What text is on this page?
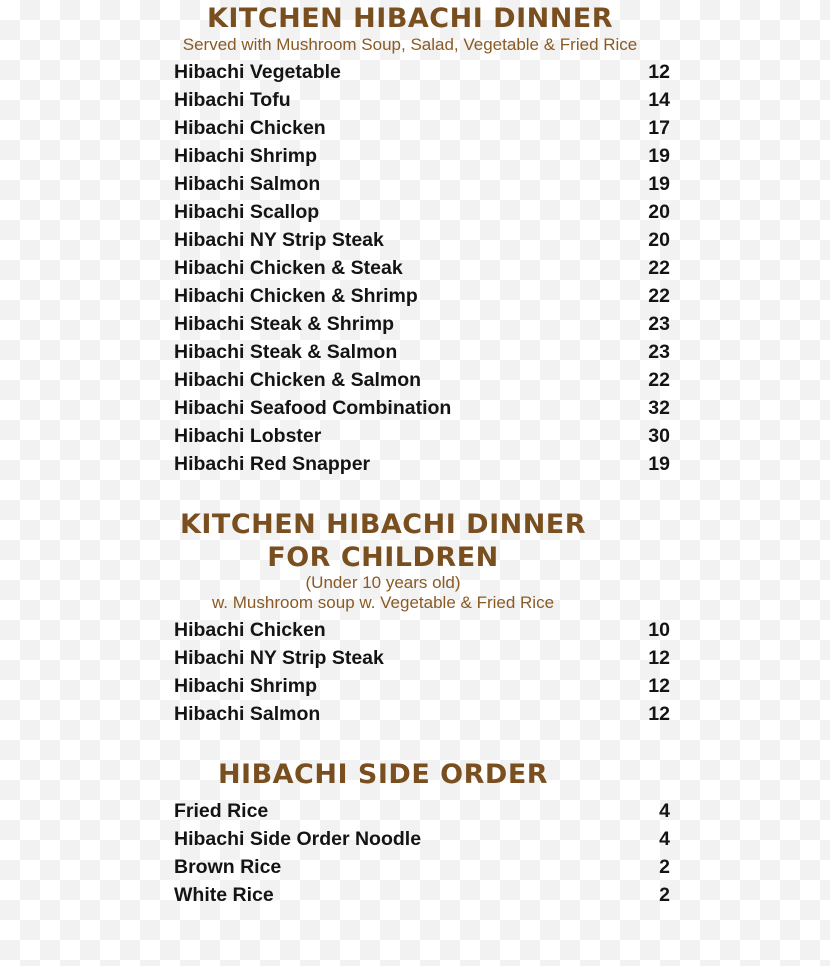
KITCHEN HIBACHI DINNER
Served with Mushroom Soup, Salad, Vegetable & Fried Rice
Hibachi Vegetable	12
Hibachi Tofu	14
Hibachi Chicken	17
Hibachi Shrimp	19
Hibachi Salmon	19
Hibachi Scallop	20
Hibachi NY Strip Steak	20
Hibachi Chicken & Steak	22
Hibachi Chicken & Shrimp	22
Hibachi Steak & Shrimp	23
Hibachi Steak & Salmon	23
Hibachi Chicken & Salmon	22
Hibachi Seafood Combination	32
Hibachi Lobster	30
Hibachi Red Snapper	19
KITCHEN HIBACHI DINNER
FOR CHILDREN
(Under 10 years old)
w. Mushroom soup w. Vegetable & Fried Rice
Hibachi Chicken	10
Hibachi NY Strip Steak	12
Hibachi Shrimp	12
Hibachi Salmon	12
HIBACHI SIDE ORDER
Fried Rice	4
Hibachi Side Order Noodle	4
Brown Rice	2
White Rice	2
